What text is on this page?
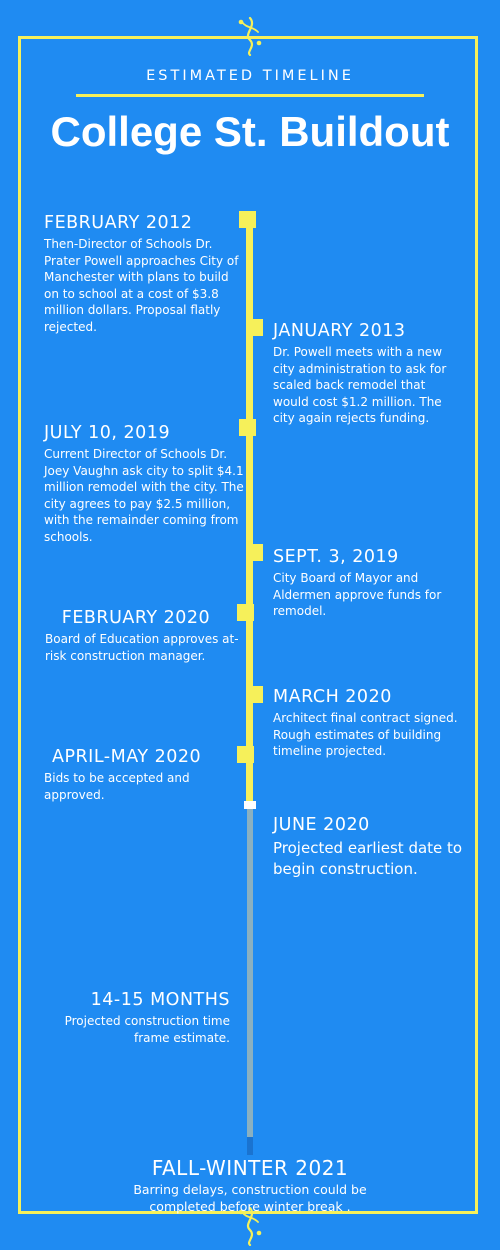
ESTIMATED TIMELINE
College St. Buildout
FEBRUARY 2012
Then-Director of Schools Dr. Prater Powell approaches City of Manchester with plans to build on to school at a cost of $3.8 million dollars. Proposal flatly rejected.	JANUARY 2013
Dr. Powell meets with a new city administration to ask for scaled back remodel that would cost $1.2 million. The city again rejects funding.
JULY 10, 2019
Current Director of Schools Dr. Joey Vaughn ask city to split $4.1 million remodel with the city. The city agrees to pay $2.5 million, with the remainder coming from schools.
SEPT. 3, 2019
City Board of Mayor and Aldermen approve funds for remodel.
FEBRUARY 2020
Board of Education approves at-risk construction manager.
MARCH 2020
Architect final contract signed. Rough estimates of building timeline projected.
APRIL-MAY 2020
Bids to be accepted and approved.
JUNE 2020
Projected earliest date to begin construction.
14-15 MONTHS
Projected construction time frame estimate.
FALL-WINTER 2021
Barring delays, construction could be completed before winter break .
